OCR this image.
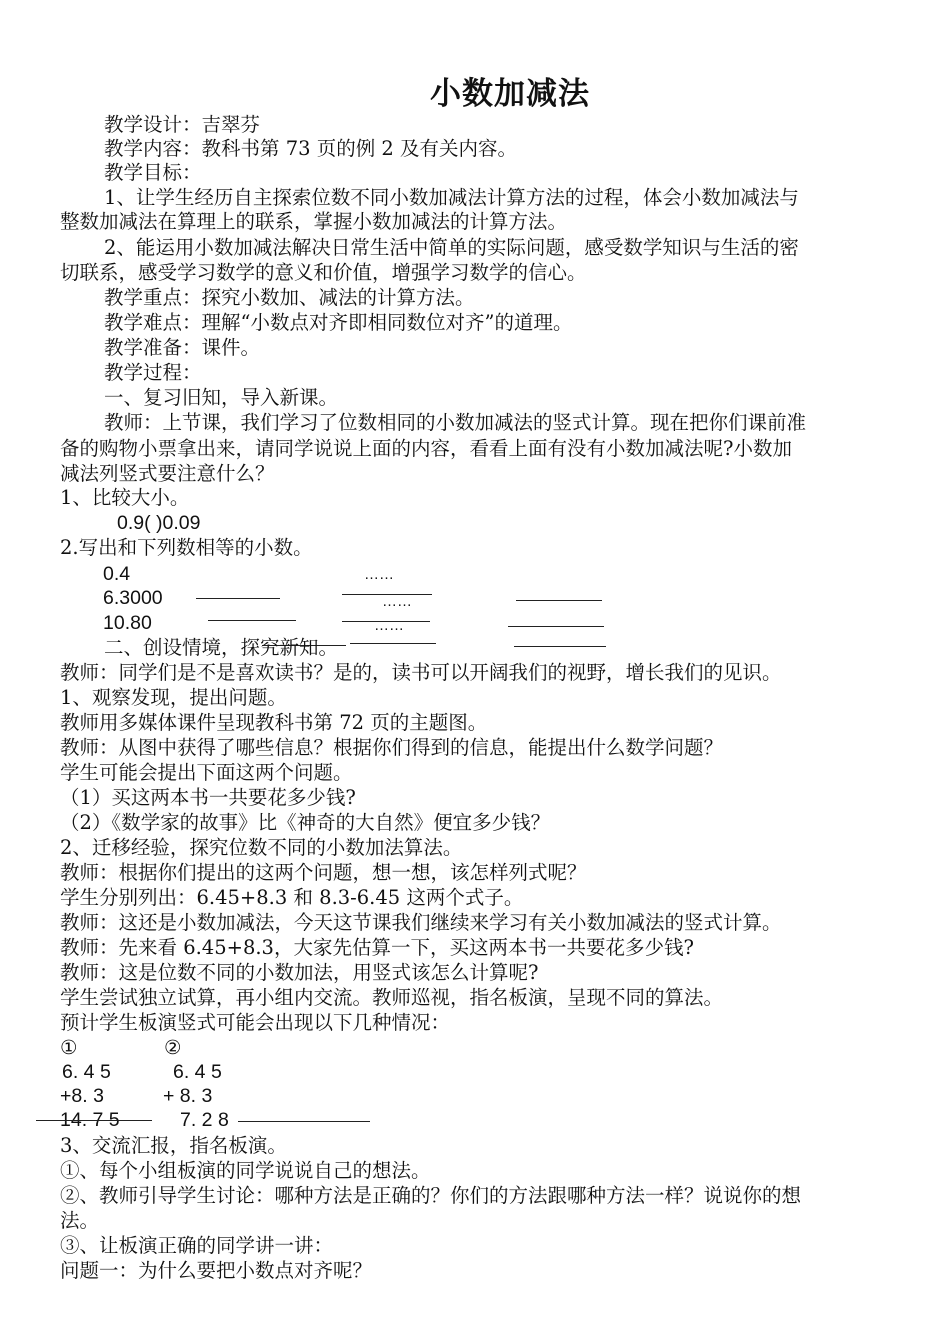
小数加减法
教学设计：吉翠芬
教学内容：教科书第 73 页的例 2 及有关内容。
教学目标：
1、让学生经历自主探索位数不同小数加减法计算方法的过程，体会小数加减法与
整数加减法在算理上的联系，掌握小数加减法的计算方法。
2、能运用小数加减法解决日常生活中简单的实际问题，感受数学知识与生活的密
切联系，感受学习数学的意义和价值，增强学习数学的信心。
教学重点：探究小数加、减法的计算方法。
教学难点：理解“小数点对齐即相同数位对齐”的道理。
教学准备：课件。
教学过程：
一、复习旧知，导入新课。
教师：上节课，我们学习了位数相同的小数加减法的竖式计算。现在把你们课前准
备的购物小票拿出来，请同学说说上面的内容，看看上面有没有小数加减法呢?小数加
减法列竖式要注意什么？
1、比较大小。
0.9( )0.09
2.写出和下列数相等的小数。
0.4
6.3000
10.80
……
……
……
二、创设情境，探究新知。
教师：同学们是不是喜欢读书？是的，读书可以开阔我们的视野，增长我们的见识。
1、观察发现，提出问题。
教师用多媒体课件呈现教科书第 72 页的主题图。
教师：从图中获得了哪些信息？根据你们得到的信息，能提出什么数学问题？
学生可能会提出下面这两个问题。
（1）买这两本书一共要花多少钱?
（2）《数学家的故事》比《神奇的大自然》便宜多少钱？
2、迁移经验，探究位数不同的小数加法算法。
教师：根据你们提出的这两个问题，想一想，该怎样列式呢？
学生分别列出：6.45+8.3 和 8.3-6.45 这两个式子。
教师：这还是小数加减法，今天这节课我们继续来学习有关小数加减法的竖式计算。
教师：先来看 6.45+8.3，大家先估算一下，买这两本书一共要花多少钱?
教师：这是位数不同的小数加法，用竖式该怎么计算呢?
学生尝试独立试算，再小组内交流。教师巡视，指名板演，呈现不同的算法。
预计学生板演竖式可能会出现以下几种情况：
①	②
6. 4 5
+8. 3
14. 7 5
6. 4 5
+ 8. 3
7. 2 8
3、交流汇报，指名板演。
①、每个小组板演的同学说说自己的想法。
②、教师引导学生讨论：哪种方法是正确的？你们的方法跟哪种方法一样？说说你的想
法。
③、让板演正确的同学讲一讲：
问题一：为什么要把小数点对齐呢？
